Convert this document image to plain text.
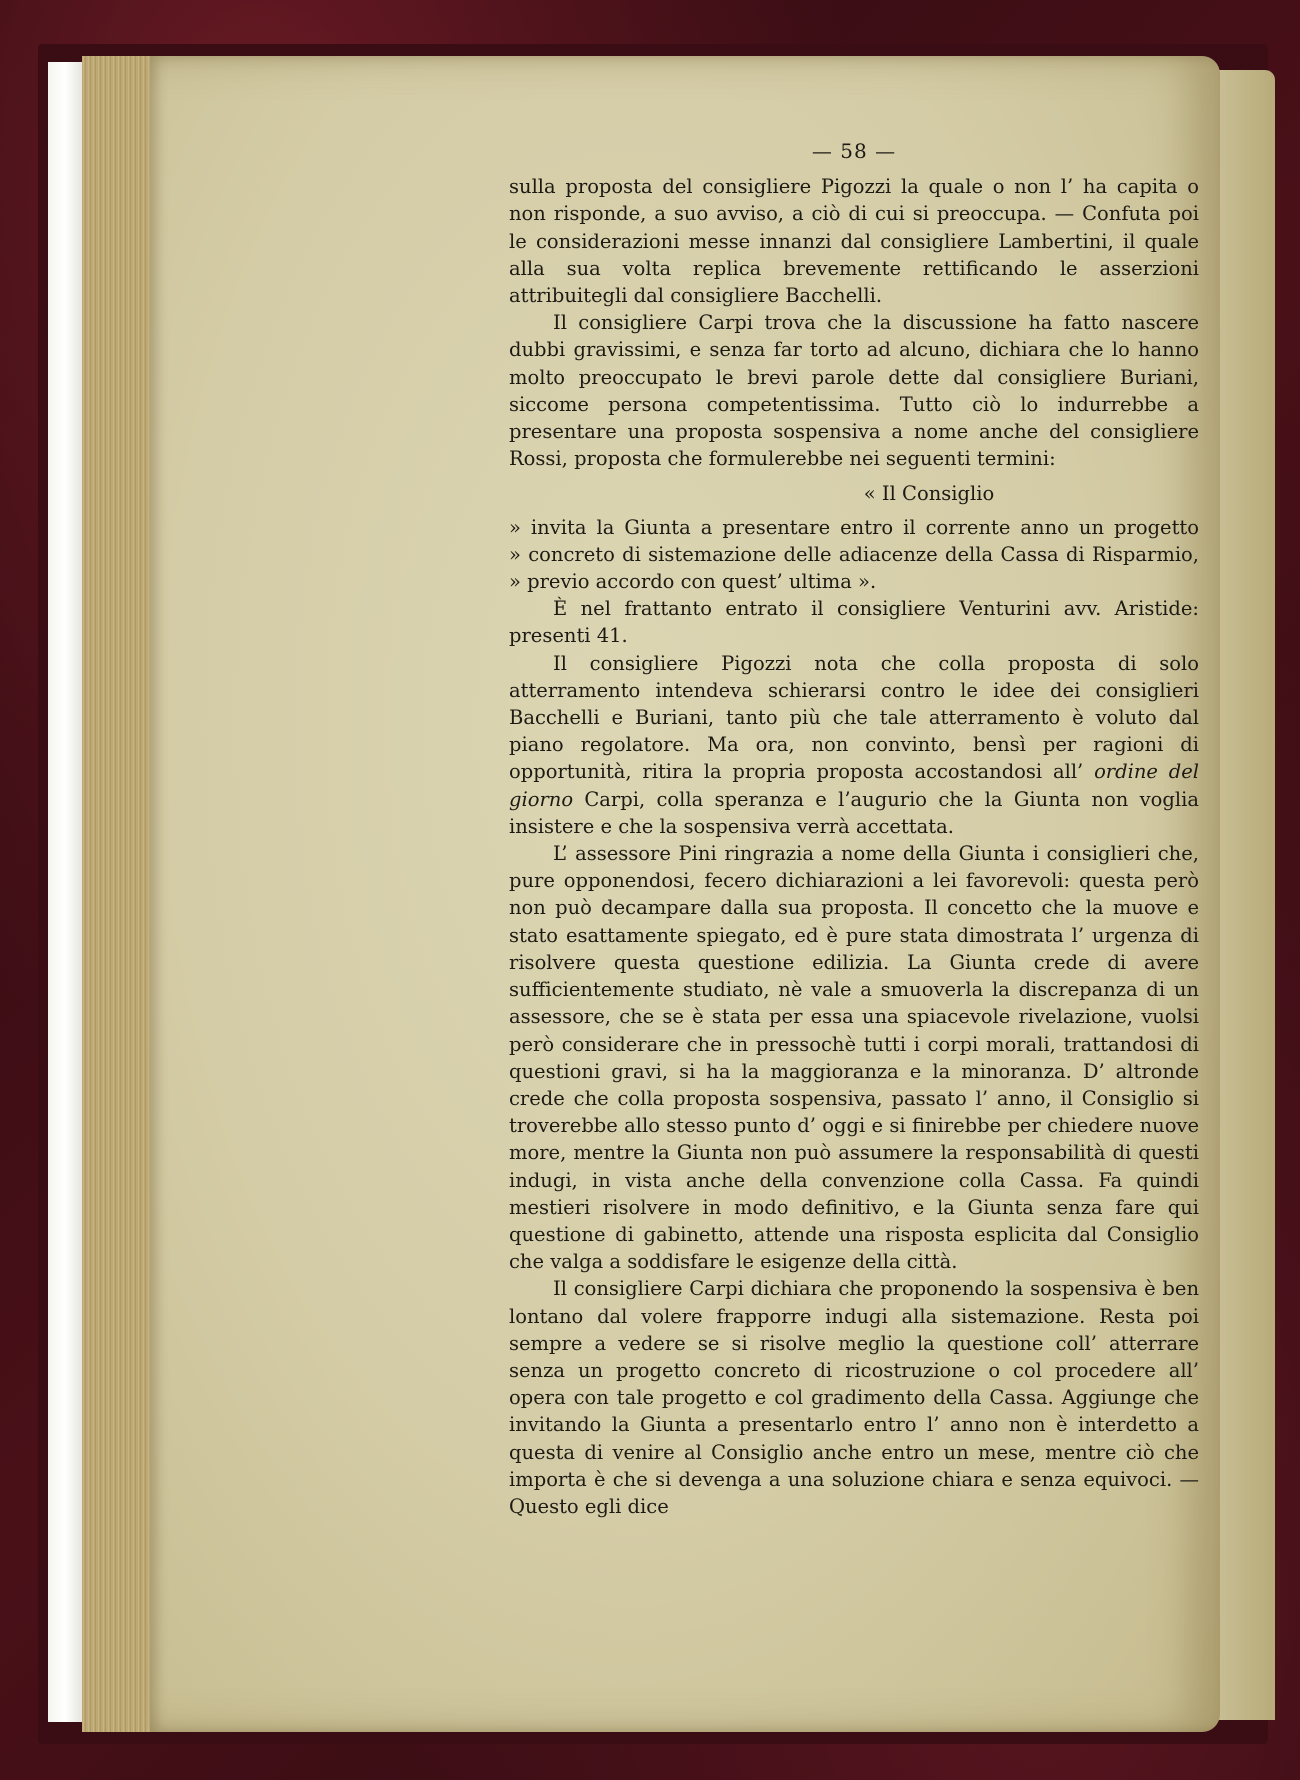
— 58 —

sulla proposta del consigliere Pigozzi la quale o non l’ ha capita o non risponde, a suo avviso, a ciò di cui si preoccupa. — Confuta poi le considerazioni messe innanzi dal consigliere Lambertini, il quale alla sua volta replica brevemente rettificando le asserzioni attribuitegli dal consigliere Bacchelli.

Il consigliere Carpi trova che la discussione ha fatto nascere dubbi gravissimi, e senza far torto ad alcuno, dichiara che lo hanno molto preoccupato le brevi parole dette dal consigliere Buriani, siccome persona competentissima. Tutto ciò lo indurrebbe a presentare una proposta sospensiva a nome anche del consigliere Rossi, proposta che formulerebbe nei seguenti termini:

« Il Consiglio

» invita la Giunta a presentare entro il corrente anno un progetto

» concreto di sistemazione delle adiacenze della Cassa di Risparmio,

» previo accordo con quest’ ultima ».

È nel frattanto entrato il consigliere Venturini avv. Aristide: presenti 41.

Il consigliere Pigozzi nota che colla proposta di solo atterramento intendeva schierarsi contro le idee dei consiglieri Bacchelli e Buriani, tanto più che tale atterramento è voluto dal piano regolatore. Ma ora, non convinto, bensì per ragioni di opportunità, ritira la propria proposta accostandosi all’ ordine del giorno Carpi, colla speranza e l’augurio che la Giunta non voglia insistere e che la sospensiva verrà accettata.

L’ assessore Pini ringrazia a nome della Giunta i consiglieri che, pure opponendosi, fecero dichiarazioni a lei favorevoli: questa però non può decampare dalla sua proposta. Il concetto che la muove e stato esattamente spiegato, ed è pure stata dimostrata l’ urgenza di risolvere questa questione edilizia. La Giunta crede di avere sufficientemente studiato, nè vale a smuoverla la discrepanza di un assessore, che se è stata per essa una spiacevole rivelazione, vuolsi però considerare che in pressochè tutti i corpi morali, trattandosi di questioni gravi, si ha la maggioranza e la minoranza. D’ altronde crede che colla proposta sospensiva, passato l’ anno, il Consiglio si troverebbe allo stesso punto d’ oggi e si finirebbe per chiedere nuove more, mentre la Giunta non può assumere la responsabilità di questi indugi, in vista anche della convenzione colla Cassa. Fa quindi mestieri risolvere in modo definitivo, e la Giunta senza fare qui questione di gabinetto, attende una risposta esplicita dal Consiglio che valga a soddisfare le esigenze della città.

Il consigliere Carpi dichiara che proponendo la sospensiva è ben lontano dal volere frapporre indugi alla sistemazione. Resta poi sempre a vedere se si risolve meglio la questione coll’ atterrare senza un progetto concreto di ricostruzione o col procedere all’ opera con tale progetto e col gradimento della Cassa. Aggiunge che invitando la Giunta a presentarlo entro l’ anno non è interdetto a questa di venire al Consiglio anche entro un mese, mentre ciò che importa è che si devenga a una soluzione chiara e senza equivoci. — Questo egli dice
